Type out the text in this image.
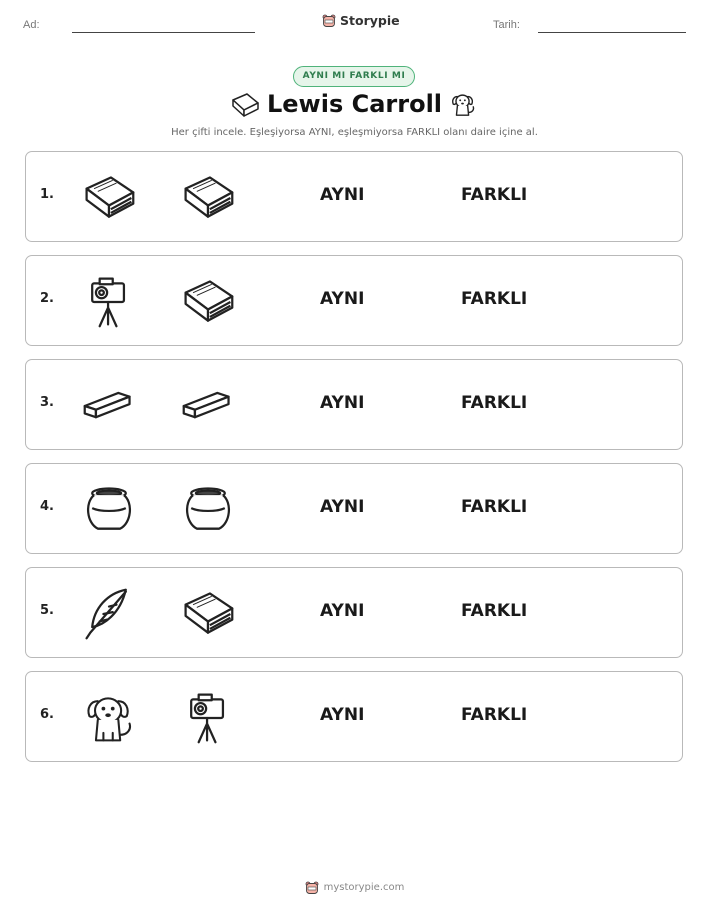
Ad:	Storypie	Tarih:
AYNI MI FARKLI MI
Lewis Carroll
Her çifti incele. Eşleşiyorsa AYNI, eşleşmiyorsa FARKLI olanı daire içine al.
1.	AYNI	FARKLI
2.	AYNI	FARKLI
3.	AYNI	FARKLI
4.	AYNI	FARKLI
5.	AYNI	FARKLI
6.	AYNI	FARKLI
mystorypie.com
